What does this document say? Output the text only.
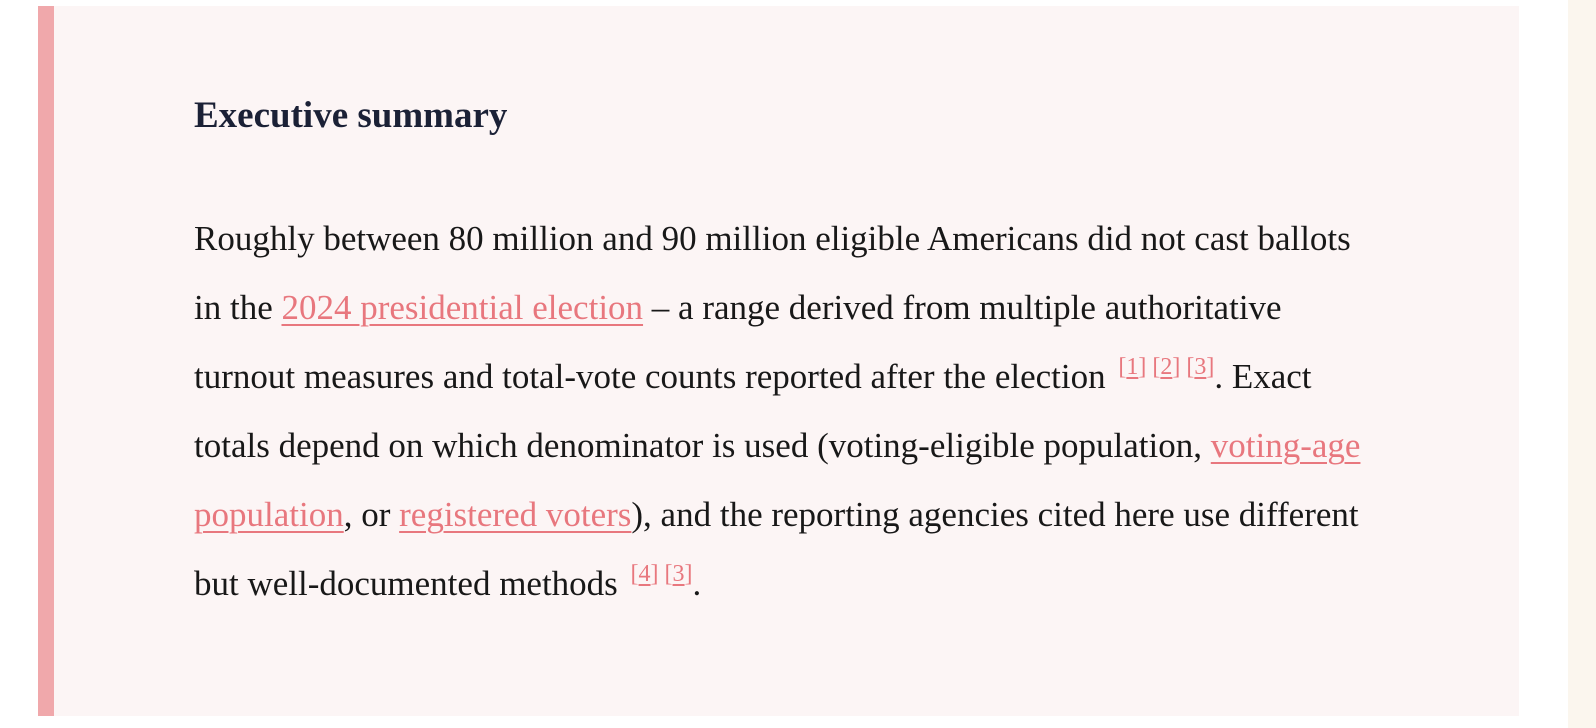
Executive summary

Roughly between 80 million and 90 million eligible Americans did not cast ballots in the 2024 presidential election – a range derived from multiple authoritative turnout measures and total-vote counts reported after the election [1] [2] [3]. Exact totals depend on which denominator is used (voting-eligible population, voting-age population, or registered voters), and the reporting agencies cited here use different but well-documented methods [4] [3].
